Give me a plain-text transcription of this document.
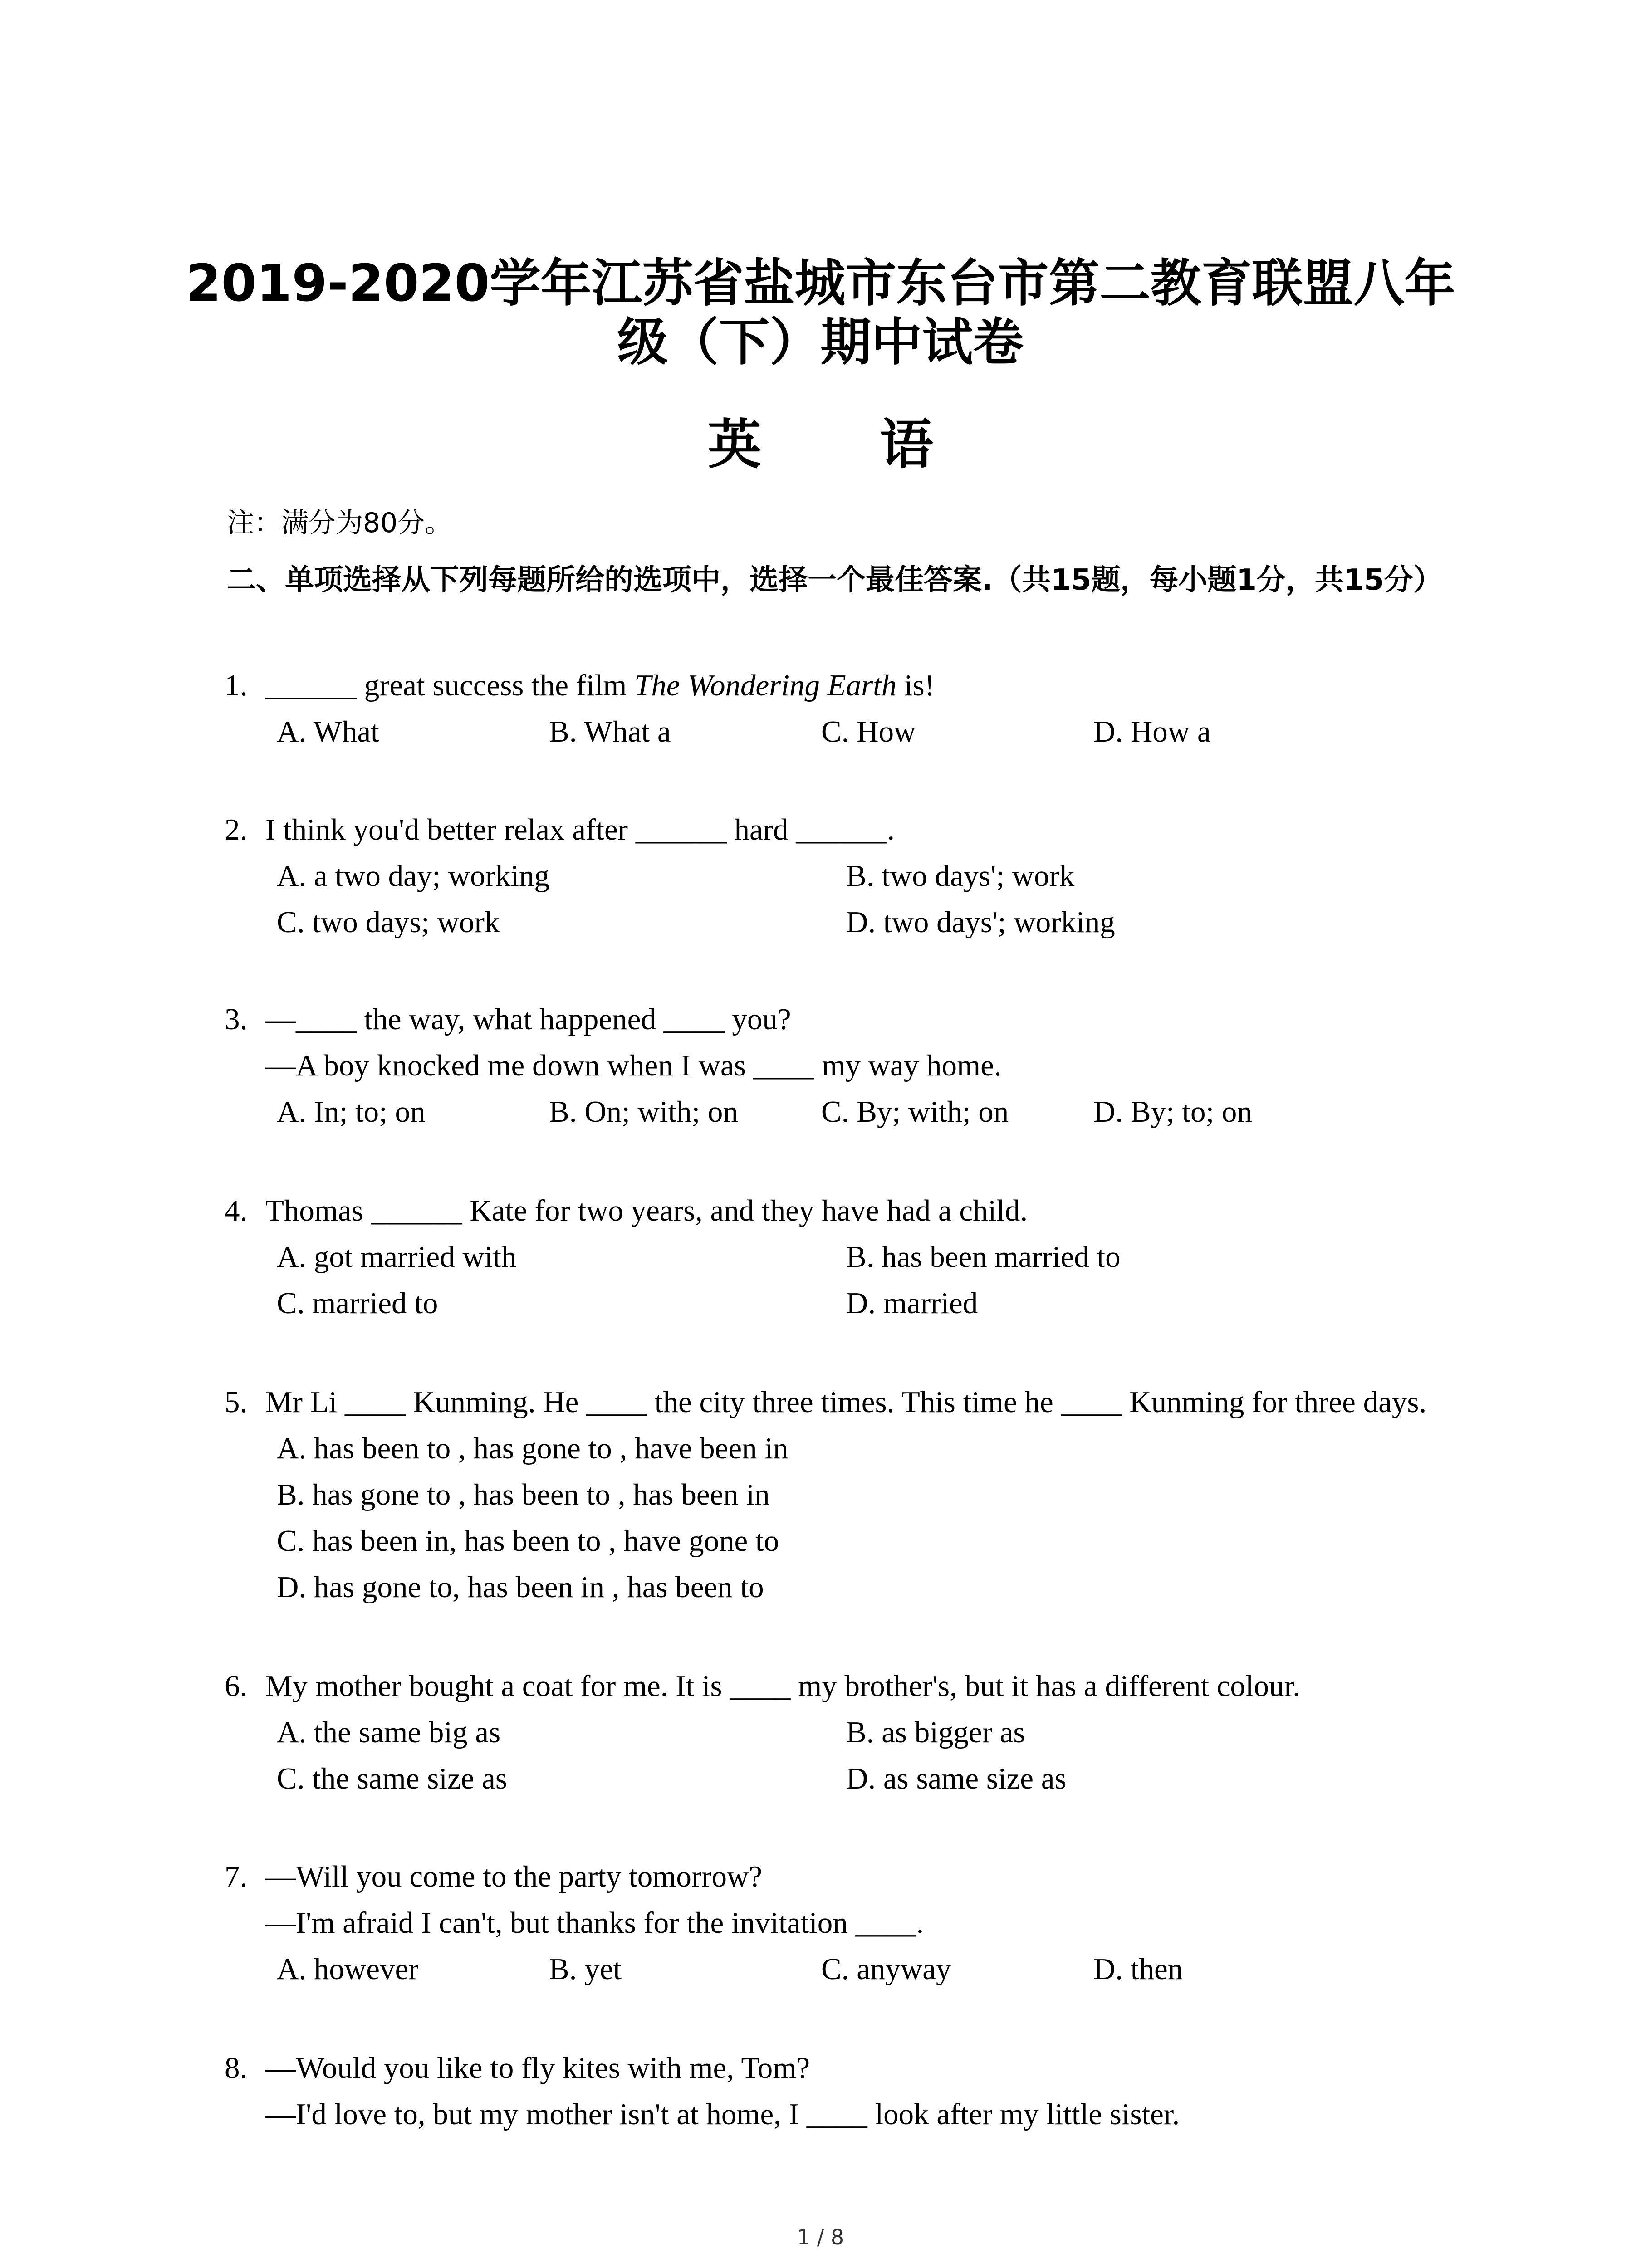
2019-2020学年江苏省盐城市东台市第二教育联盟八年
级（下）期中试卷
英 语
注：满分为80分。
二、单项选择从下列每题所给的选项中，选择一个最佳答案.（共15题，每小题1分，共15分）
1. ______ great success the film The Wondering Earth is!
A. What	B. What a	C. How	D. How a
2. I think you'd better relax after ______ hard ______.
A. a two day; working	B. two days'; work
C. two days; work	D. two days'; working
3. —____ the way, what happened ____ you?
—A boy knocked me down when I was ____ my way home.
A. In; to; on	B. On; with; on	C. By; with; on	D. By; to; on
4. Thomas ______ Kate for two years, and they have had a child.
A. got married with	B. has been married to
C. married to	D. married
5. Mr Li ____ Kunming. He ____ the city three times. This time he ____ Kunming for three days.
A. has been to , has gone to , have been in
B. has gone to , has been to , has been in
C. has been in, has been to , have gone to
D. has gone to, has been in , has been to
6. My mother bought a coat for me. It is ____ my brother's, but it has a different colour.
A. the same big as	B. as bigger as
C. the same size as	D. as same size as
7. —Will you come to the party tomorrow?
—I'm afraid I can't, but thanks for the invitation ____.
A. however	B. yet	C. anyway	D. then
8. —Would you like to fly kites with me, Tom?
—I'd love to, but my mother isn't at home, I ____ look after my little sister.
1 / 8
